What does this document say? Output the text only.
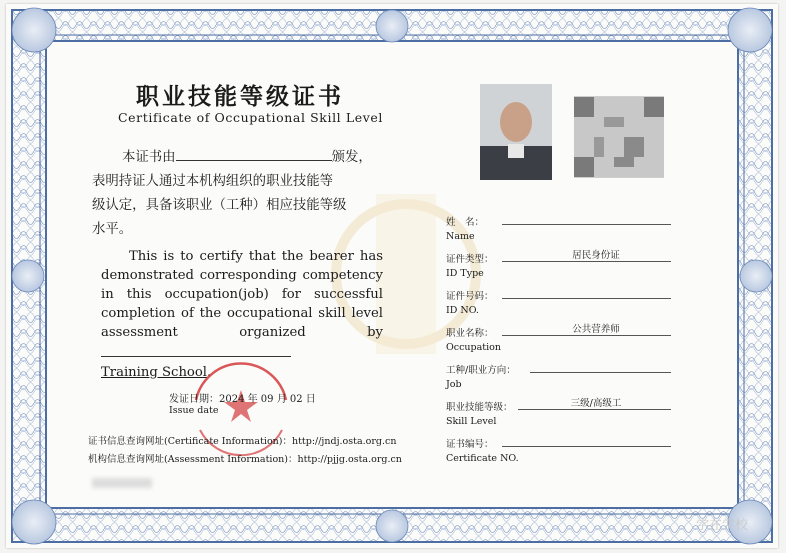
学在学校
职业技能等级证书
Certificate of Occupational Skill Level
本证书由	颁发，
表明持证人通过本机构组织的职业技能等
级认定，具备该职业（工种）相应技能等级
水平。
This is to certify that the bearer has demonstrated corresponding competency in this occupation(job) for successful completion of the occupational skill level assessment organized by
Training School.
发证日期：2024 年 09 月 02 日
Issue date
证书信息查询网址(Certificate Information)：http://jndj.osta.org.cn
机构信息查询网址(Assessment Information)：http://pjjg.osta.org.cn
姓　名：
Name
证件类型：	居民身份证
ID Type
证件号码：
ID NO.
职业名称：	公共营养师
Occupation
工种/职业方向：
Job
职业技能等级：	三级/高级工
Skill Level
证书编号：
Certificate NO.
